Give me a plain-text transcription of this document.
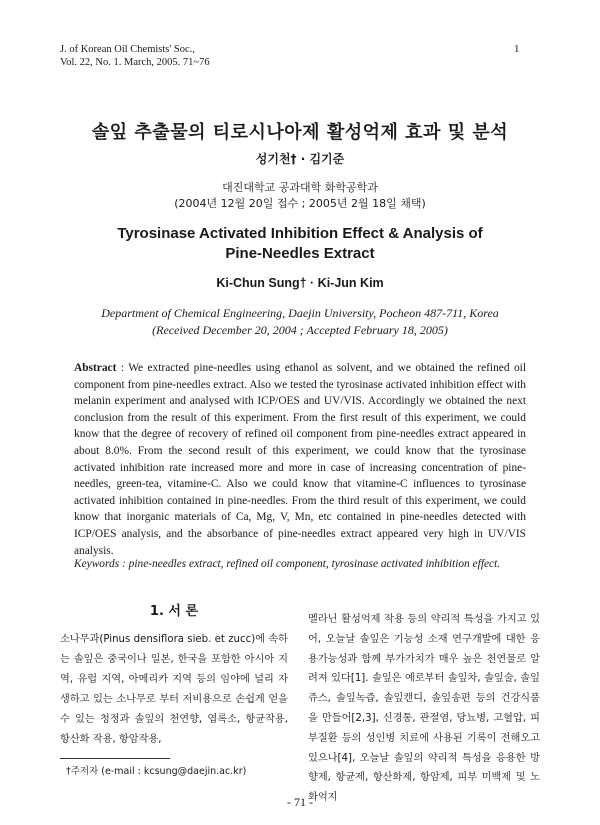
J. of Korean Oil Chemists' Soc.,
Vol. 22, No. 1. March, 2005. 71~76
1
솔잎 추출물의 티로시나아제 활성억제 효과 및 분석
성기천† · 김기준
대진대학교 공과대학 화학공학과
(2004년 12월 20일 접수 ; 2005년 2월 18일 채택)
Tyrosinase Activated Inhibition Effect & Analysis of
Pine-Needles Extract
Ki-Chun Sung† · Ki-Jun Kim
Department of Chemical Engineering, Daejin University, Pocheon 487-711, Korea
(Received December 20, 2004 ; Accepted February 18, 2005)
Abstract : We extracted pine-needles using ethanol as solvent, and we obtained the refined oil component from pine-needles extract. Also we tested the tyrosinase activated inhibition effect with melanin experiment and analysed with ICP/OES and UV/VIS. Accordingly we obtained the next conclusion from the result of this experiment. From the first result of this experiment, we could know that the degree of recovery of refined oil component from pine-needles extract appeared in about 8.0%. From the second result of this experiment, we could know that the tyrosinase activated inhibition rate increased more and more in case of increasing concentration of pine-needles, green-tea, vitamine-C. Also we could know that vitamine-C influences to tyrosinase activated inhibition contained in pine-needles. From the third result of this experiment, we could know that inorganic materials of Ca, Mg, V, Mn, etc contained in pine-needles detected with ICP/OES analysis, and the absorbance of pine-needles extract appeared very high in UV/VIS analysis.
Keywords : pine-needles extract, refined oil component, tyrosinase activated inhibition effect.
1. 서 론
소나무과(Pinus densiflora sieb. et zucc)에 속하는 솔잎은 중국이나 일본, 한국을 포함한 아시아 지역, 유럽 지역, 아메리카 지역 등의 임야에 널리 자생하고 있는 소나무로 부터 저비용으로 손쉽게 얻을 수 있는 청정과 솔잎의 천연향, 엽록소, 항균작용, 항산화 작용, 항암작용,
멜라닌 활성억제 작용 등의 약리적 특성을 가지고 있어, 오늘날 솔잎은 기능성 소재 연구개발에 대한 응용가능성과 함께 부가가치가 매우 높은 천연물로 알려져 있다[1]. 솔잎은 예로부터 솔잎차, 솔잎술, 솔잎쥬스, 솔잎녹즙, 솔잎캔디, 솔잎송편 등의 건강식품을 만들어[2,3], 신경통, 관절염, 당뇨병, 고혈압, 피부질환 등의 성인병 치료에 사용된 기록이 전해오고 있으나[4], 오늘날 솔잎의 약리적 특성을 응용한 방향제, 항균제, 항산화제, 항암제, 피부 미백제 및 노화억지
†주저자 (e-mail : kcsung@daejin.ac.kr)
- 71 -
